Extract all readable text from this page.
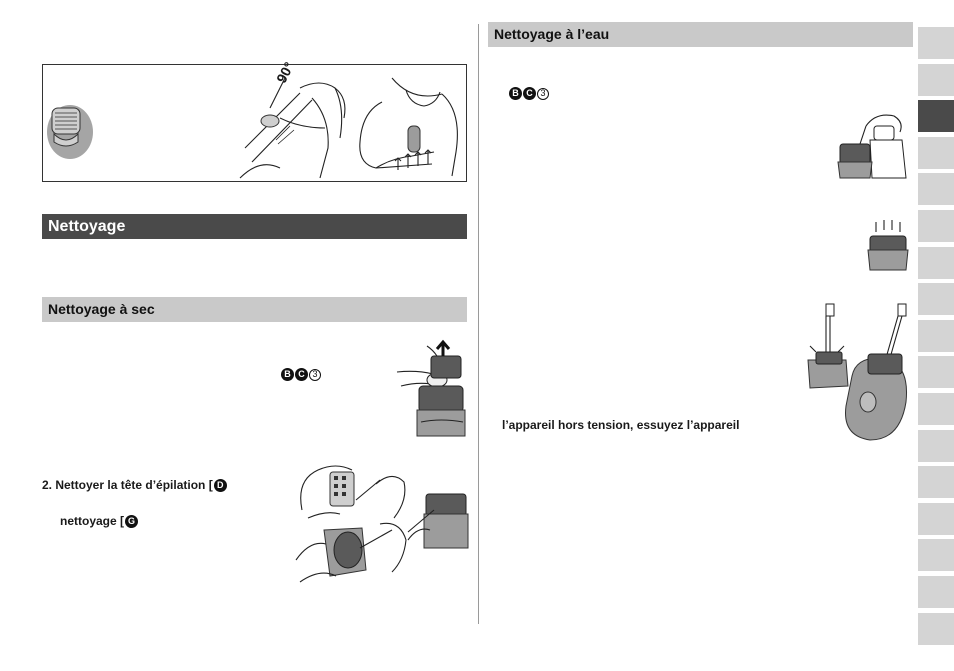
90°
Nettoyage
Nettoyage à sec
B C 3
2. Nettoyer la tête d’épilation [ D
nettoyage [ G
Nettoyage à l’eau
B C 3
l’appareil hors tension, essuyez l’appareil
